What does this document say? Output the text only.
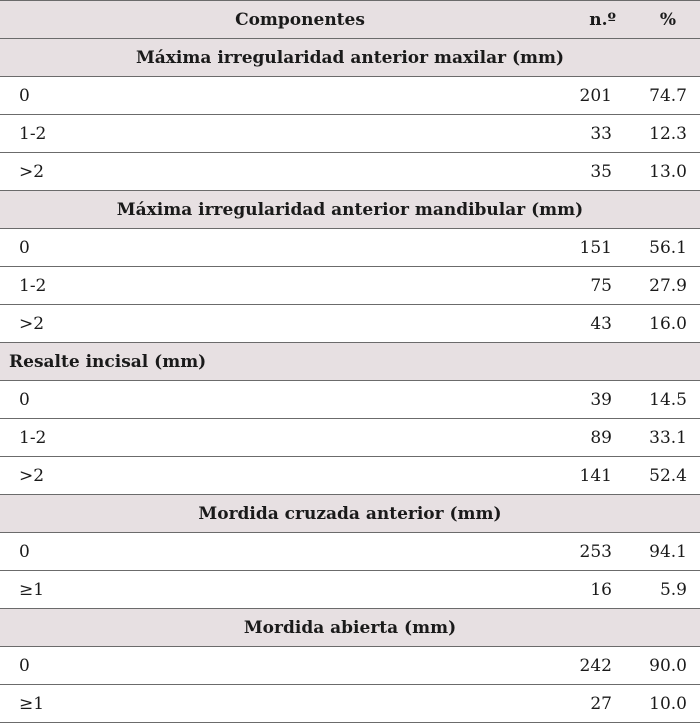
Componentes	n.º	%
Máxima irregularidad anterior maxilar (mm)		
0	201	74.7
1-2	33	12.3
>2	35	13.0
Máxima irregularidad anterior mandibular (mm)		
0	151	56.1
1-2	75	27.9
>2	43	16.0
Resalte incisal (mm)		
0	39	14.5
1-2	89	33.1
>2	141	52.4
Mordida cruzada anterior (mm)		
0	253	94.1
≥1	16	5.9
Mordida abierta (mm)		
0	242	90.0
≥1	27	10.0
